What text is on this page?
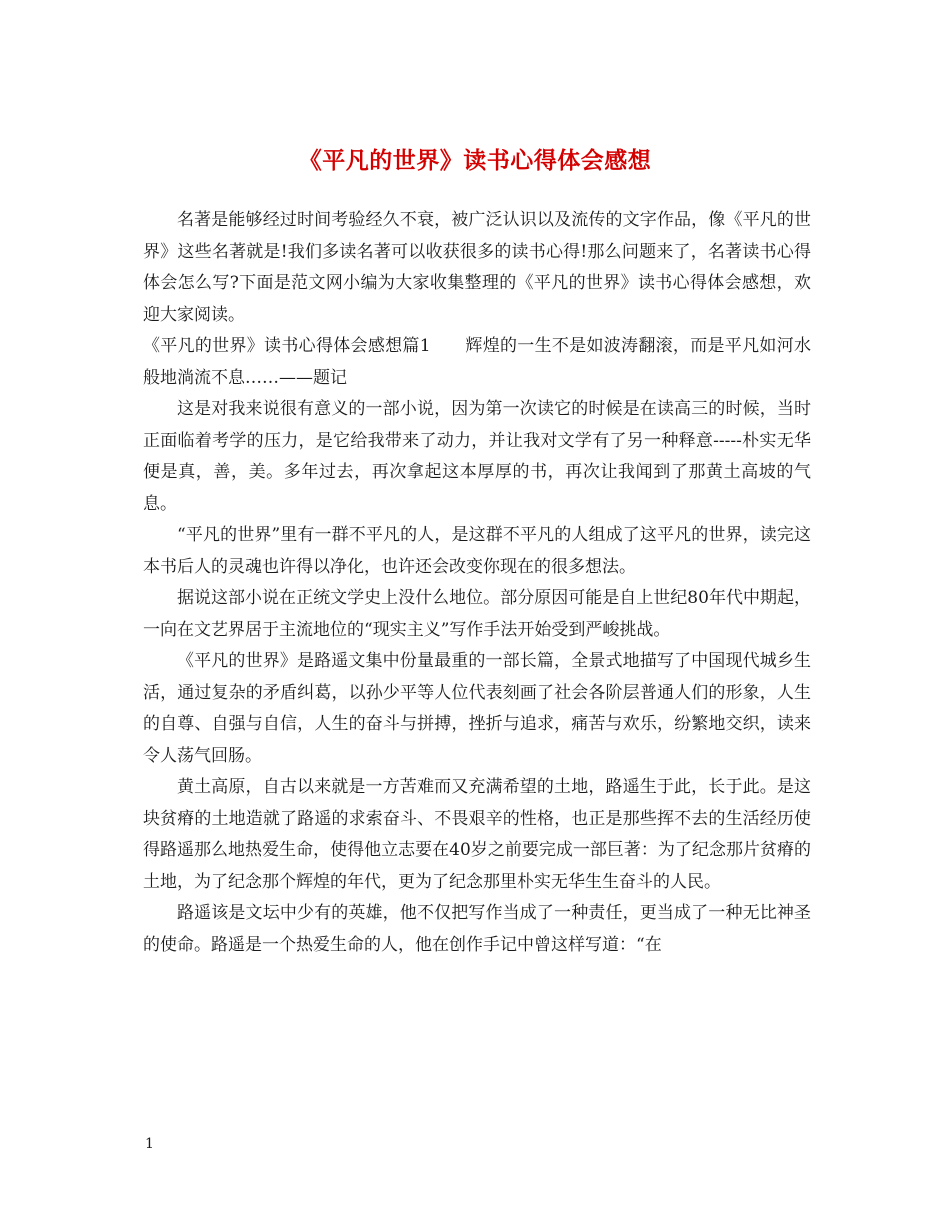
《平凡的世界》读书心得体会感想

名著是能够经过时间考验经久不衰，被广泛认识以及流传的文字作品，像《平凡的世界》这些名著就是!我们多读名著可以收获很多的读书心得!那么问题来了，名著读书心得体会怎么写?下面是范文网小编为大家收集整理的《平凡的世界》读书心得体会感想，欢迎大家阅读。

《平凡的世界》读书心得体会感想篇1　　辉煌的一生不是如波涛翻滚，而是平凡如河水般地淌流不息……——题记

这是对我来说很有意义的一部小说，因为第一次读它的时候是在读高三的时候，当时正面临着考学的压力，是它给我带来了动力，并让我对文学有了另一种释意-----朴实无华便是真，善，美。多年过去，再次拿起这本厚厚的书，再次让我闻到了那黄土高坡的气息。

“平凡的世界”里有一群不平凡的人，是这群不平凡的人组成了这平凡的世界，读完这本书后人的灵魂也许得以净化，也许还会改变你现在的很多想法。

据说这部小说在正统文学史上没什么地位。部分原因可能是自上世纪80年代中期起，一向在文艺界居于主流地位的“现实主义”写作手法开始受到严峻挑战。

《平凡的世界》是路遥文集中份量最重的一部长篇，全景式地描写了中国现代城乡生活，通过复杂的矛盾纠葛，以孙少平等人位代表刻画了社会各阶层普通人们的形象，人生的自尊、自强与自信，人生的奋斗与拼搏，挫折与追求，痛苦与欢乐，纷繁地交织，读来令人荡气回肠。

黄土高原，自古以来就是一方苦难而又充满希望的土地，路遥生于此，长于此。是这块贫瘠的土地造就了路遥的求索奋斗、不畏艰辛的性格，也正是那些挥不去的生活经历使得路遥那么地热爱生命，使得他立志要在40岁之前要完成一部巨著：为了纪念那片贫瘠的土地，为了纪念那个辉煌的年代，更为了纪念那里朴实无华生生奋斗的人民。

路遥该是文坛中少有的英雄，他不仅把写作当成了一种责任，更当成了一种无比神圣的使命。路遥是一个热爱生命的人，他在创作手记中曾这样写道：“在

1
